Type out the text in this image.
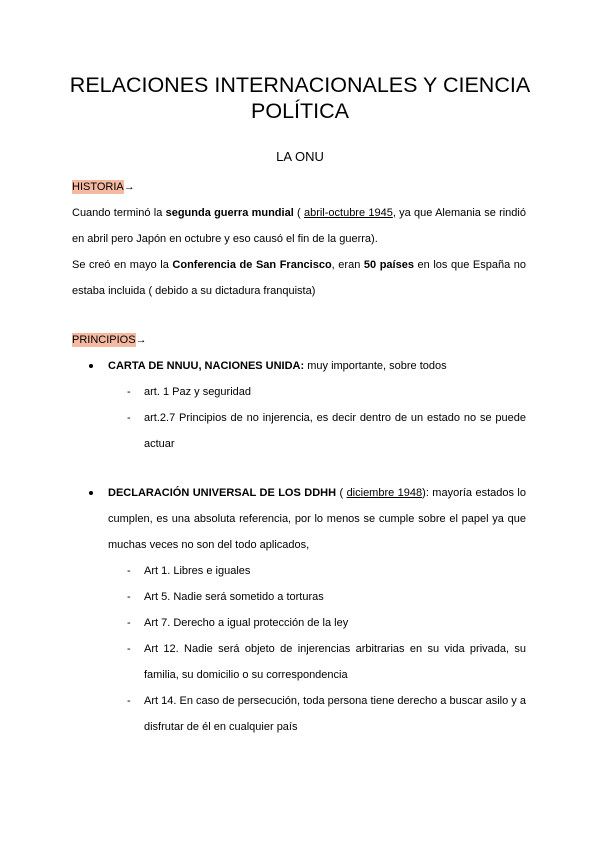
RELACIONES INTERNACIONALES Y CIENCIA POLÍTICA
LA ONU
HISTORIA→
Cuando terminó la segunda guerra mundial ( abril-octubre 1945, ya que Alemania se rindió en abril pero Japón en octubre y eso causó el fin de la guerra).
Se creó en mayo la Conferencia de San Francisco, eran 50 países en los que España no estaba incluida ( debido a su dictadura franquista)
PRINCIPIOS→
CARTA DE NNUU, NACIONES UNIDA: muy importante, sobre todos
- art. 1 Paz y seguridad
- art.2.7 Principios de no injerencia, es decir dentro de un estado no se puede actuar
DECLARACIÓN UNIVERSAL DE LOS DDHH ( diciembre 1948): mayoría estados lo cumplen, es una absoluta referencia, por lo menos se cumple sobre el papel ya que muchas veces no son del todo aplicados,
- Art 1. Libres e iguales
- Art 5. Nadie será sometido a torturas
- Art 7. Derecho a igual protección de la ley
- Art 12. Nadie será objeto de injerencias arbitrarias en su vida privada, su familia, su domicilio o su correspondencia
- Art 14. En caso de persecución, toda persona tiene derecho a buscar asilo y a disfrutar de él en cualquier país
